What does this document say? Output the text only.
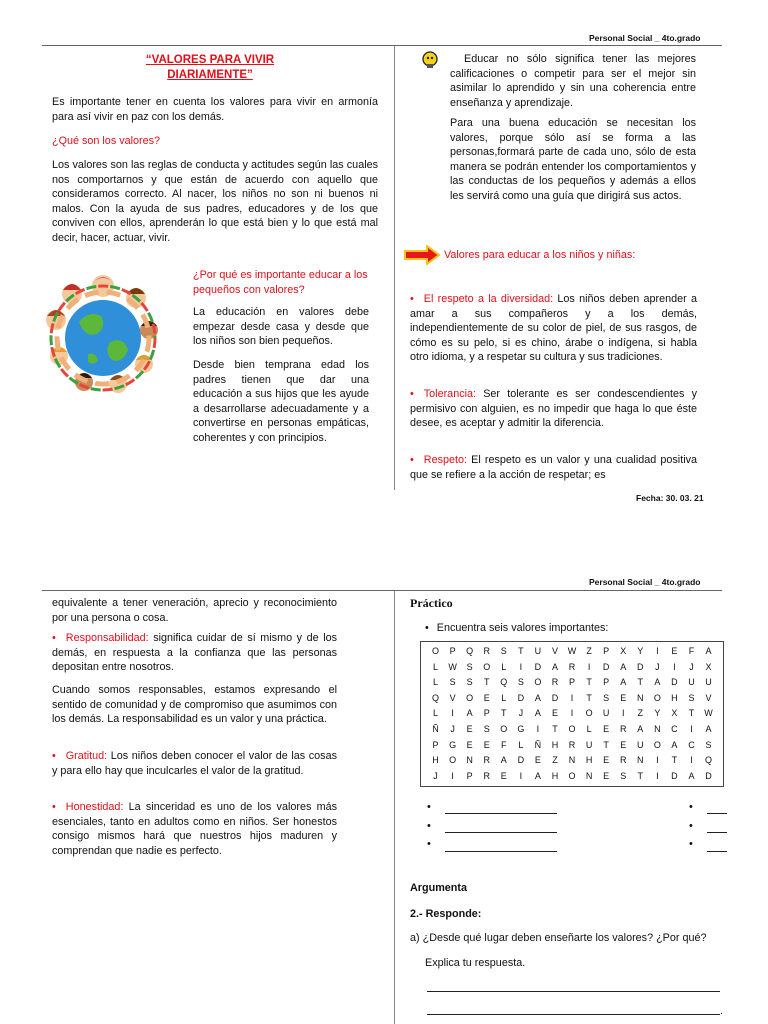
Personal Social _ 4to.grado
“VALORES PARA VIVIR
DIARIAMENTE”
Es importante tener en cuenta los valores para vivir en armonía para así vivir en paz con los demás.
¿Qué son los valores?
Los valores son las reglas de conducta y actitudes según las cuales nos comportarnos y que están de acuerdo con aquello que consideramos correcto. Al nacer, los niños no son ni buenos ni malos. Con la ayuda de sus padres, educadores y de los que conviven con ellos, aprenderán lo que está bien y lo que está mal decir, hacer, actuar, vivir.
¿Por qué es importante educar a los pequeños con valores?
La educación en valores debe empezar desde casa y desde que los niños son bien pequeños.
Desde bien temprana edad los padres tienen que dar una educación a sus hijos que les ayude a desarrollarse adecuadamente y a convertirse en personas empáticas, coherentes y con principios.
Educar no sólo significa tener las mejores calificaciones o competir para ser el mejor sin asimilar lo aprendido y sin una coherencia entre enseñanza y aprendizaje.
Para una buena educación se necesitan los valores, porque sólo así se forma a las personas,formará parte de cada uno, sólo de esta manera se podrán entender los comportamientos y las conductas de los pequeños y además a ellos les servirá como una guía que dirigirá sus actos.
Valores para educar a los niños y niñas:
• El respeto a la diversidad: Los niños deben aprender a amar a sus compañeros y a los demás, independientemente de su color de piel, de sus rasgos, de cómo es su pelo, si es chino, árabe o indígena, si habla otro idioma, y a respetar su cultura y sus tradiciones.
• Tolerancia: Ser tolerante es ser condescendientes y permisivo con alguien, es no impedir que haga lo que éste desee, es aceptar y admitir la diferencia.
• Respeto: El respeto es un valor y una cualidad positiva que se refiere a la acción de respetar; es
Fecha: 30. 03. 21
Personal Social _ 4to.grado
equivalente a tener veneración, aprecio y reconocimiento por una persona o cosa.
• Responsabilidad: significa cuidar de sí mismo y de los demás, en respuesta a la confianza que las personas depositan entre nosotros.
Cuando somos responsables, estamos expresando el sentido de comunidad y de compromiso que asumimos con los demás. La responsabilidad es un valor y una práctica.
• Gratitud: Los niños deben conocer el valor de las cosas y para ello hay que inculcarles el valor de la gratitud.
• Honestidad: La sinceridad es uno de los valores más esenciales, tanto en adultos como en niños. Ser honestos consigo mismos hará que nuestros hijos maduren y comprendan que nadie es perfecto.
Práctico
• Encuentra seis valores importantes:
O	P	Q	R	S	T	U	V	W	Z	P	X	Y	I	E	F	A
L	W	S	O	L	I	D	A	R	I	D	A	D	J	I	J	X
L	S	S	T	Q	S	O	R	P	T	P	A	T	A	D	U	U
Q	V	O	E	L	D	A	D	I	T	S	E	N	O	H	S	V
L	I	A	P	T	J	A	E	I	O	U	I	Z	Y	X	T	W
Ñ	J	E	S	O	G	I	T	O	L	E	R	A	N	C	I	A
P	G	E	E	F	L	Ñ	H	R	U	T	E	U	O	A	C	S
H	O	N	R	A	D	E	Z	N	H	E	R	N	I	T	I	Q
J	I	P	R	E	I	A	H	O	N	E	S	T	I	D	A	D
•
•
•
•
•
•
Argumenta
2.- Responde:
a) ¿Desde qué lugar deben enseñarte los valores? ¿Por qué?
Explica tu respuesta.
.
